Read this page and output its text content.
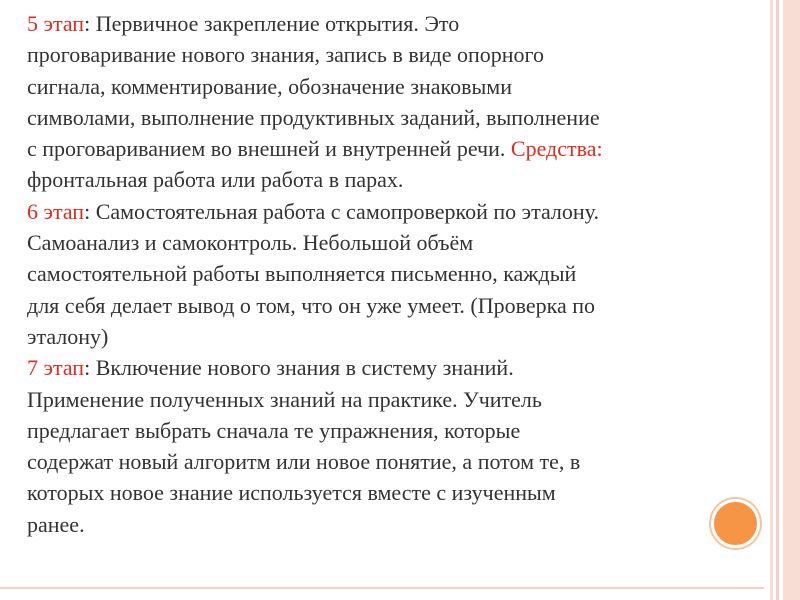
5 этап: Первичное закрепление открытия. Это
проговаривание нового знания, запись в виде опорного
сигнала, комментирование, обозначение знаковыми
символами, выполнение продуктивных заданий, выполнение
с проговариванием во внешней и внутренней речи. Средства:
фронтальная работа или работа в парах.
6 этап: Самостоятельная работа с самопроверкой по эталону.
Самоанализ и самоконтроль. Небольшой объём
самостоятельной работы выполняется письменно, каждый
для себя делает вывод о том, что он уже умеет. (Проверка по
эталону)
7 этап: Включение нового знания в систему знаний.
Применение полученных знаний на практике. Учитель
предлагает выбрать сначала те упражнения, которые
содержат новый алгоритм или новое понятие, а потом те, в
которых новое знание используется вместе с изученным
ранее.
